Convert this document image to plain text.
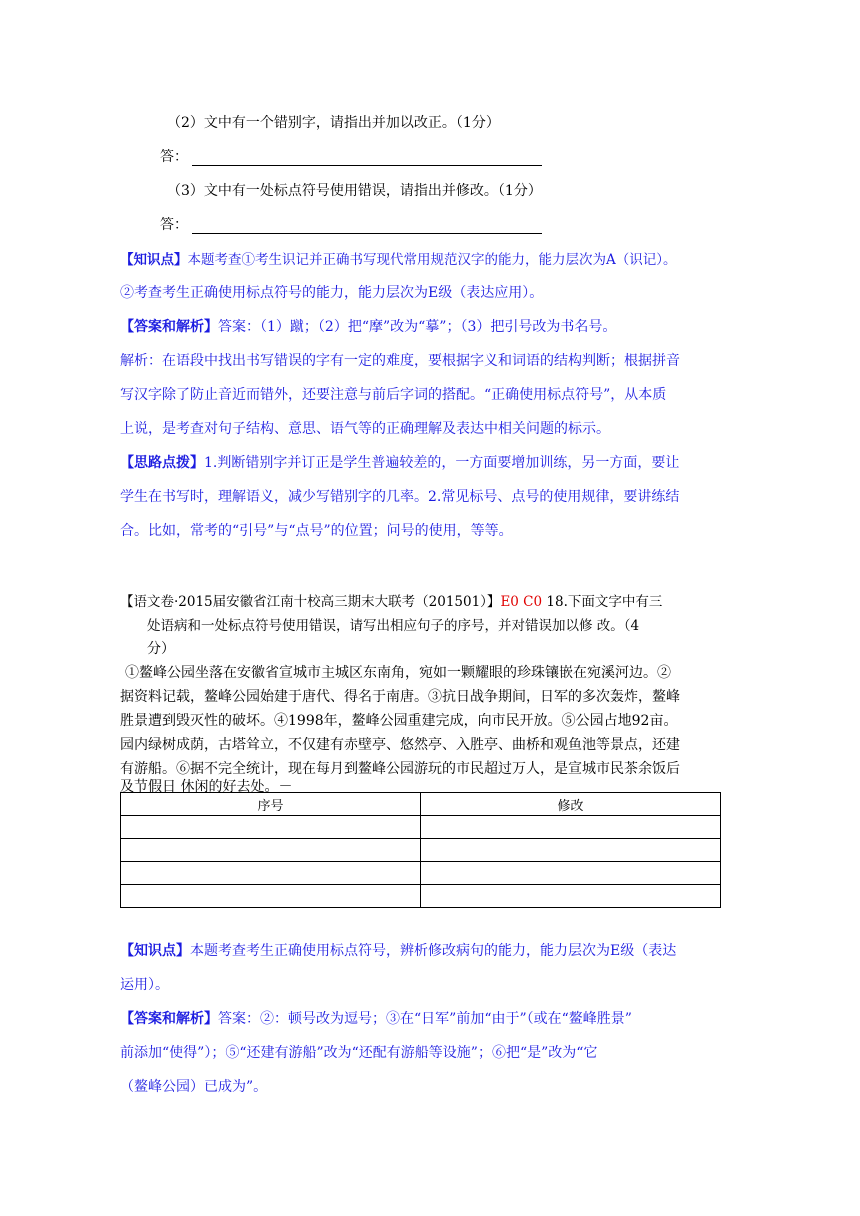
（2）文中有一个错别字，请指出并加以改正。（1分）
答：
（3）文中有一处标点符号使用错误，请指出并修改。（1分）
答：
【知识点】本题考查①考生识记并正确书写现代常用规范汉字的能力，能力层次为A（识记）。
②考查考生正确使用标点符号的能力，能力层次为E级（表达应用）。
【答案和解析】答案：（1）蹴；（2）把“摩”改为“摹”；（3）把引号改为书名号。
解析：在语段中找出书写错误的字有一定的难度，要根据字义和词语的结构判断；根据拼音
写汉字除了防止音近而错外，还要注意与前后字词的搭配。“正确使用标点符号”，从本质
上说，是考查对句子结构、意思、语气等的正确理解及表达中相关问题的标示。
【思路点拨】1.判断错别字并订正是学生普遍较差的，一方面要增加训练，另一方面，要让
学生在书写时，理解语义，减少写错别字的几率。2.常见标号、点号的使用规律，要讲练结
合。比如，常考的“引号”与“点号”的位置；问号的使用，等等。
【语文卷·2015届安徽省江南十校高三期末大联考（201501）】E0 C0 18.下面文字中有三
处语病和一处标点符号使用错误，请写出相应句子的序号，并对错误加以修 改。（4
分）
①鳌峰公园坐落在安徽省宣城市主城区东南角，宛如一颗耀眼的珍珠镶嵌在宛溪河边。②
据资料记载，鳌峰公园始建于唐代、得名于南唐。③抗日战争期间，日军的多次轰炸，鳌峰
胜景遭到毁灭性的破坏。④1998年，鳌峰公园重建完成，向市民开放。⑤公园占地92亩。
园内绿树成荫，古塔耸立，不仅建有赤壁亭、悠然亭、入胜亭、曲桥和观鱼池等景点，还建
有游船。⑥据不完全统计，现在每月到鳌峰公园游玩的市民超过万人，是宣城市民茶余饭后
及节假日 休闲的好去处。－
序号	修改

【知识点】本题考查考生正确使用标点符号，辨析修改病句的能力，能力层次为E级（表达
运用）。
【答案和解析】答案：②：顿号改为逗号；③在“日军”前加“由于”（或在“鳌峰胜景”
前添加“使得”）；⑤“还建有游船”改为“还配有游船等设施”；⑥把“是”改为“它
（鳌峰公园）已成为”。
